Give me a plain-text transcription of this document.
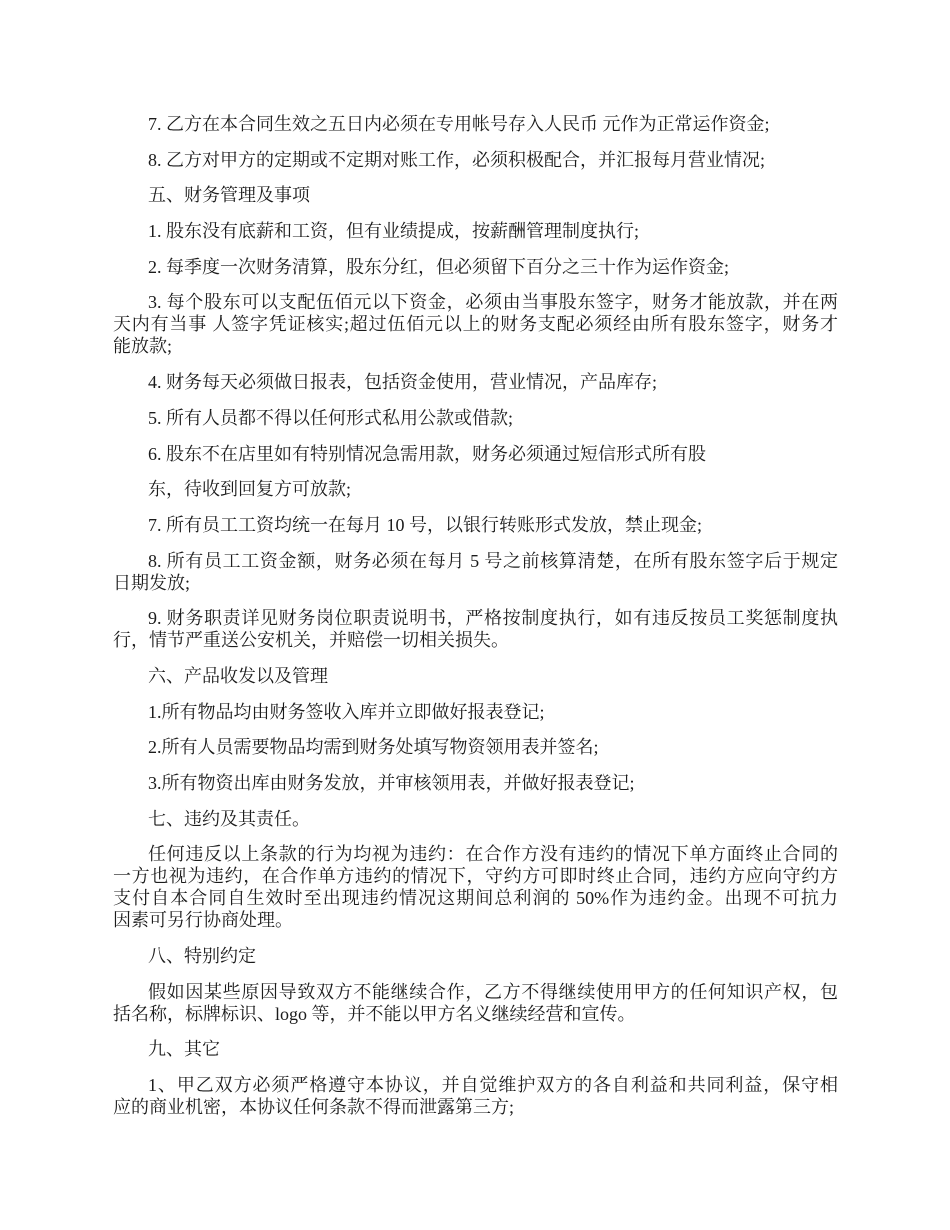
7. 乙方在本合同生效之五日内必须在专用帐号存入人民币 元作为正常运作资金;

8. 乙方对甲方的定期或不定期对账工作，必须积极配合，并汇报每月营业情况;

五、财务管理及事项

1. 股东没有底薪和工资，但有业绩提成，按薪酬管理制度执行;

2. 每季度一次财务清算，股东分红，但必须留下百分之三十作为运作资金;

3. 每个股东可以支配伍佰元以下资金，必须由当事股东签字，财务才能放款，并在两
天内有当事 人签字凭证核实;超过伍佰元以上的财务支配必须经由所有股东签字，财务才
能放款;

4. 财务每天必须做日报表，包括资金使用，营业情况，产品库存;

5. 所有人员都不得以任何形式私用公款或借款;

6. 股东不在店里如有特别情况急需用款，财务必须通过短信形式所有股

东，待收到回复方可放款;

7. 所有员工工资均统一在每月 10 号，以银行转账形式发放，禁止现金;

8. 所有员工工资金额，财务必须在每月 5 号之前核算清楚，在所有股东签字后于规定
日期发放;

9. 财务职责详见财务岗位职责说明书，严格按制度执行，如有违反按员工奖惩制度执
行，情节严重送公安机关，并赔偿一切相关损失。

六、产品收发以及管理

1.所有物品均由财务签收入库并立即做好报表登记;

2.所有人员需要物品均需到财务处填写物资领用表并签名;

3.所有物资出库由财务发放，并审核领用表，并做好报表登记;

七、违约及其责任。

任何违反以上条款的行为均视为违约：在合作方没有违约的情况下单方面终止合同的
一方也视为违约，在合作单方违约的情况下，守约方可即时终止合同，违约方应向守约方
支付自本合同自生效时至出现违约情况这期间总利润的 50%作为违约金。出现不可抗力
因素可另行协商处理。

八、特别约定

假如因某些原因导致双方不能继续合作，乙方不得继续使用甲方的任何知识产权，包
括名称，标牌标识、logo 等，并不能以甲方名义继续经营和宣传。

九、其它

1、甲乙双方必须严格遵守本协议，并自觉维护双方的各自利益和共同利益，保守相
应的商业机密，本协议任何条款不得而泄露第三方;
